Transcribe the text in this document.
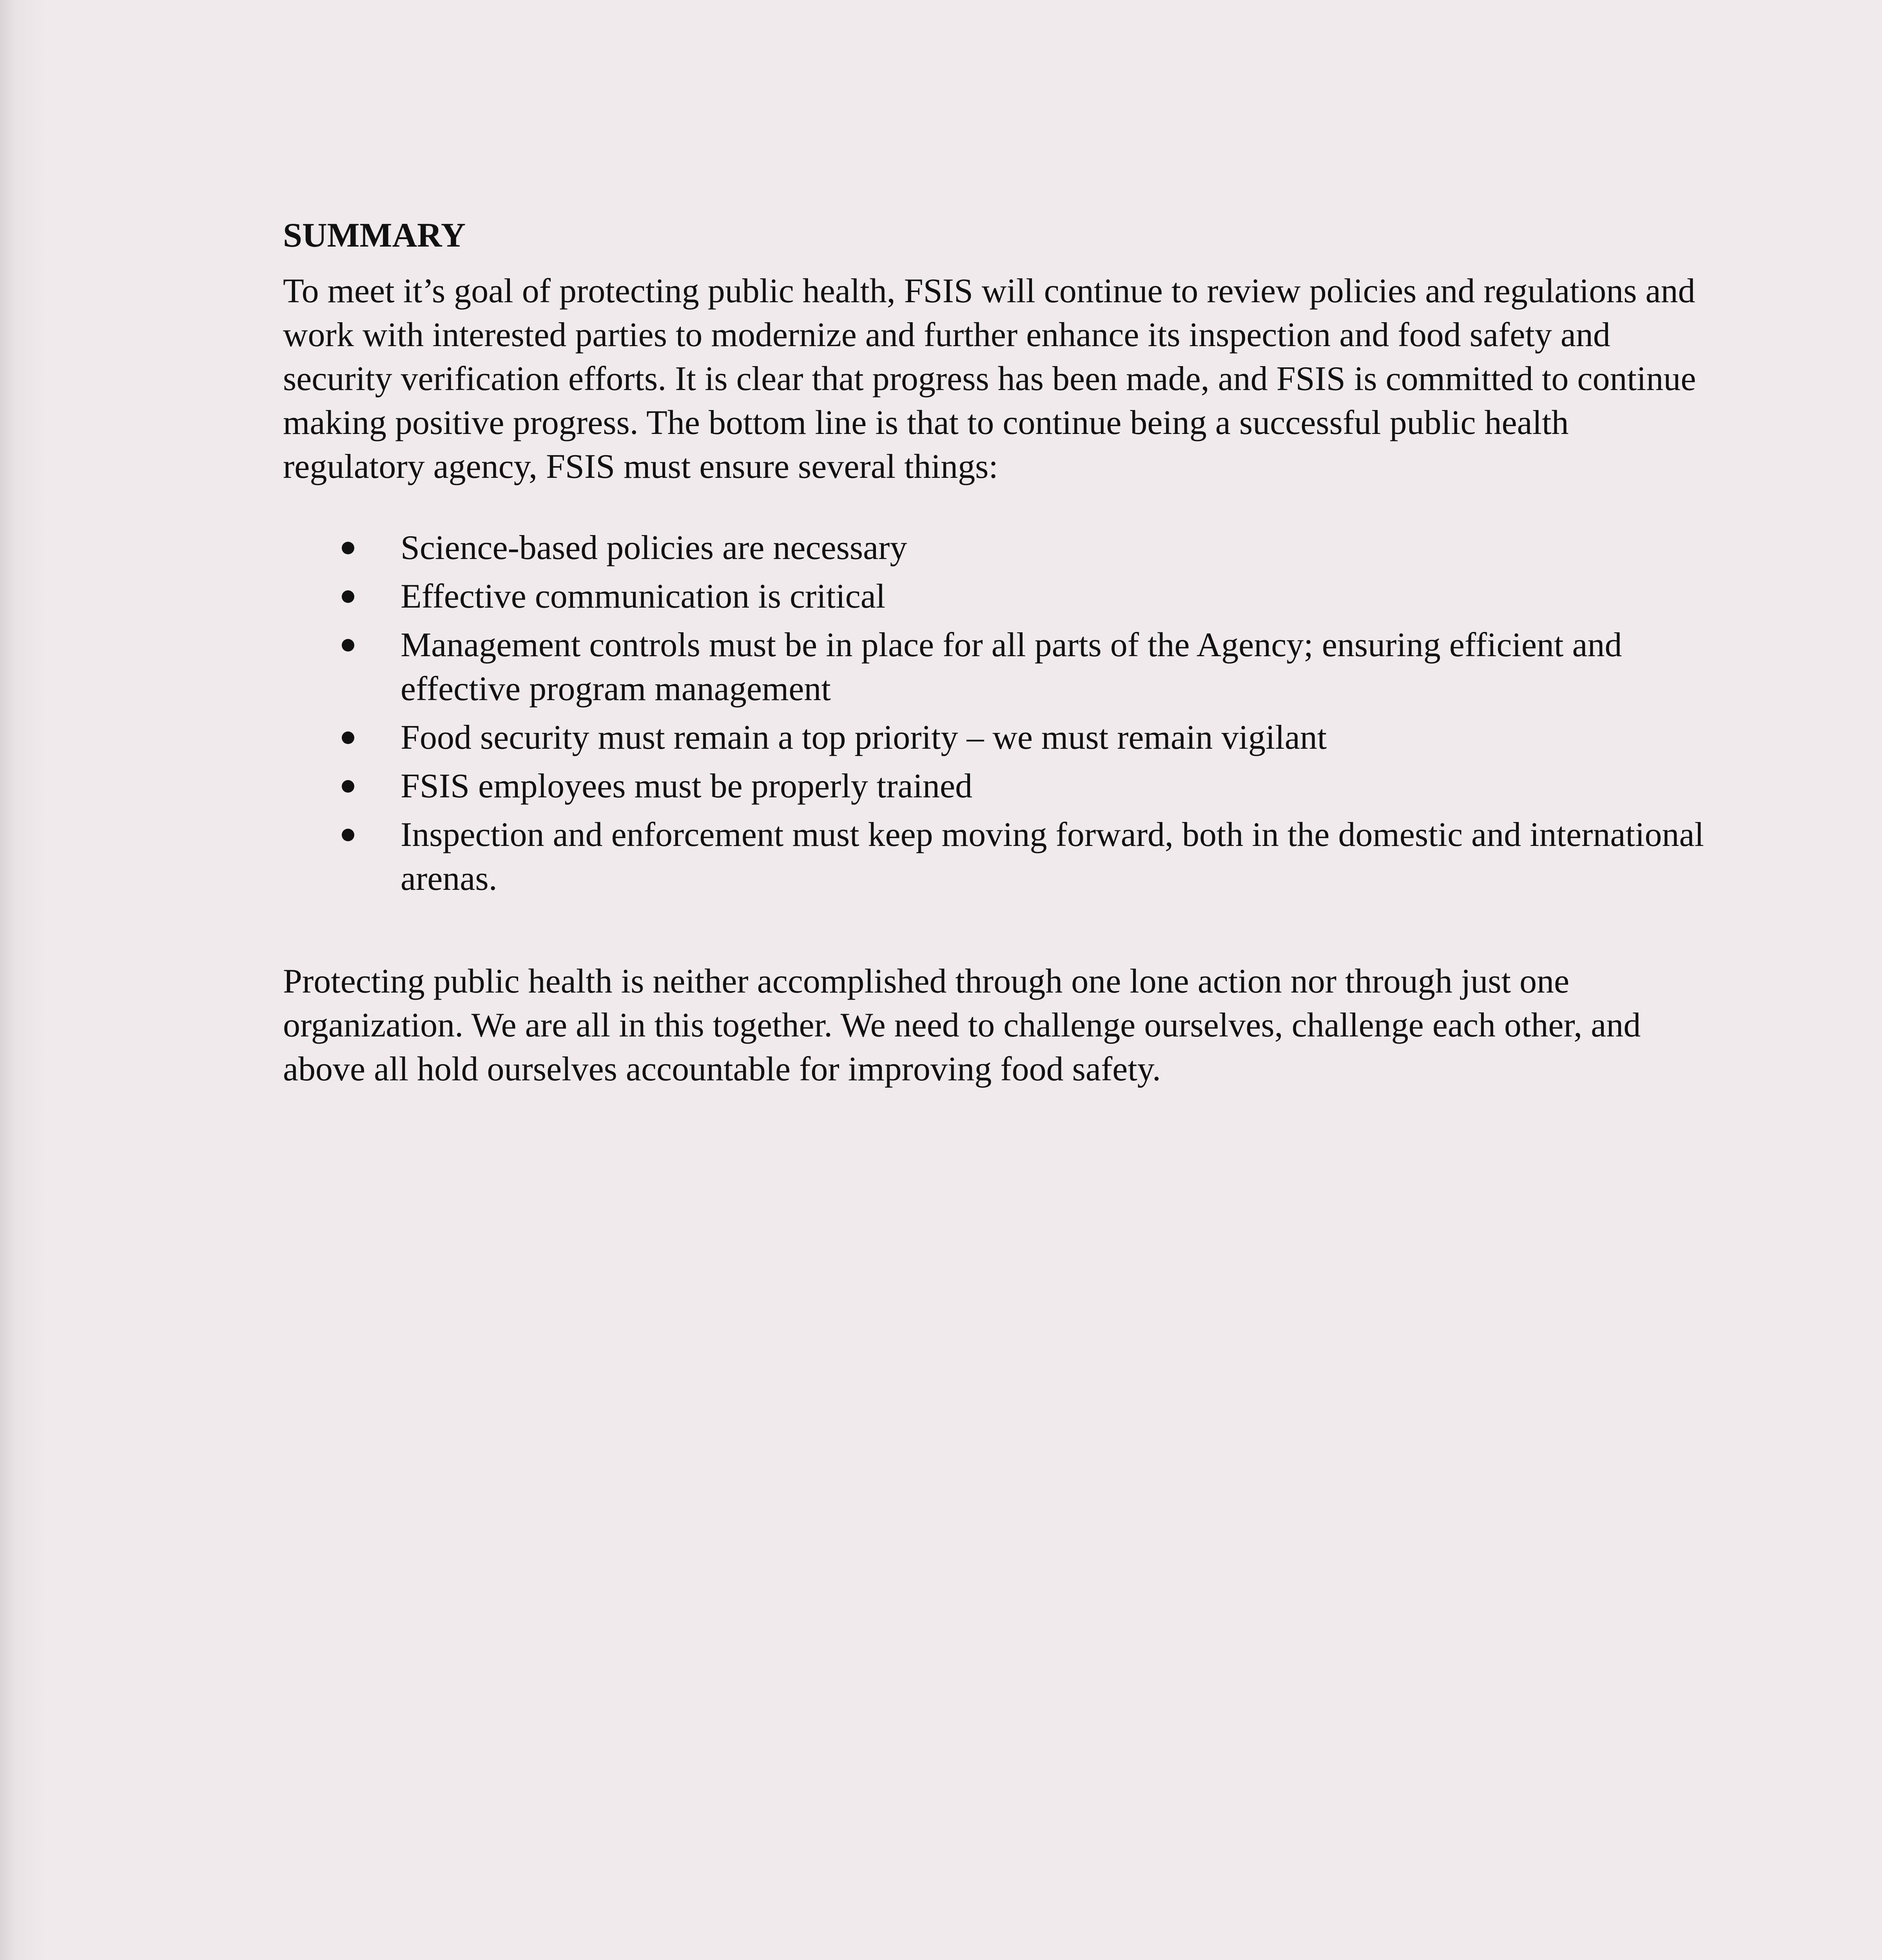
SUMMARY

To meet it’s goal of protecting public health, FSIS will continue to review policies and regulations and work with interested parties to modernize and further enhance its inspection and food safety and security verification efforts. It is clear that progress has been made, and FSIS is committed to continue making positive progress. The bottom line is that to continue being a successful public health regulatory agency, FSIS must ensure several things:

Science-based policies are necessary
Effective communication is critical
Management controls must be in place for all parts of the Agency; ensuring efficient and effective program management
Food security must remain a top priority – we must remain vigilant
FSIS employees must be properly trained
Inspection and enforcement must keep moving forward, both in the domestic and international arenas.

Protecting public health is neither accomplished through one lone action nor through just one organization. We are all in this together. We need to challenge ourselves, challenge each other, and above all hold ourselves accountable for improving food safety.
